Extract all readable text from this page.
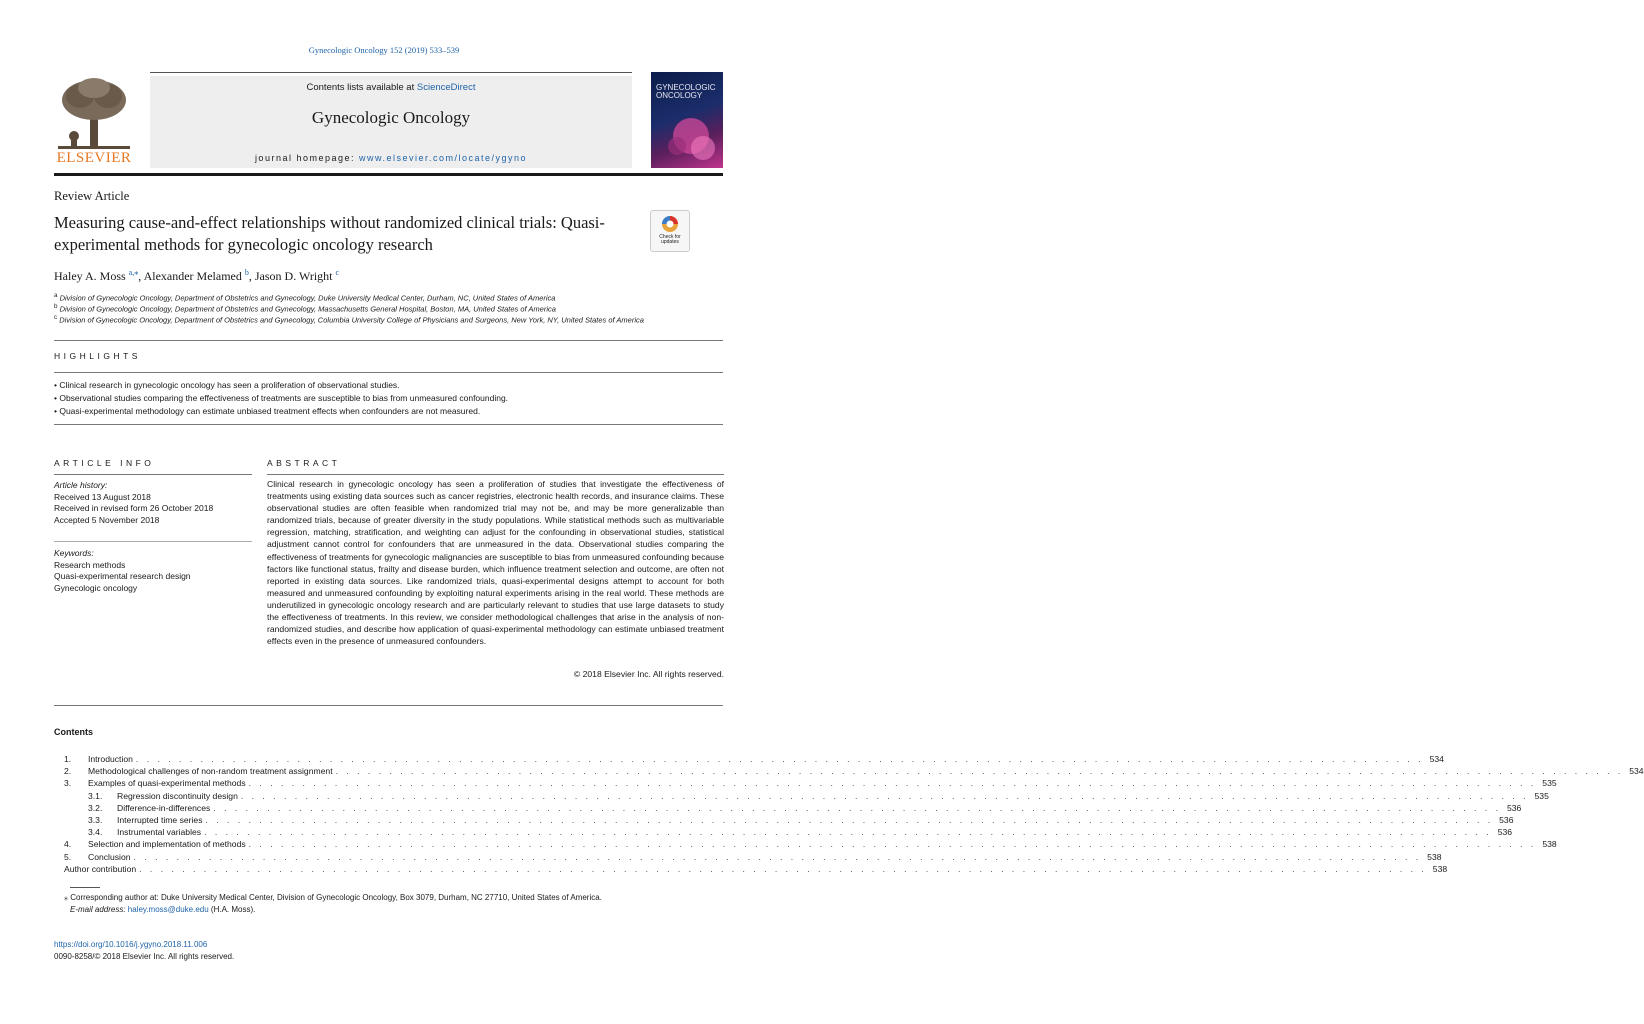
Gynecologic Oncology 152 (2019) 533–539
ELSEVIER
Contents lists available at ScienceDirect
Gynecologic Oncology
journal homepage: www.elsevier.com/locate/ygyno
GYNECOLOGIC ONCOLOGY
Review Article
Measuring cause-and-effect relationships without randomized clinical trials: Quasi-experimental methods for gynecologic oncology research	Check for updates
Haley A. Moss $^{a,⁎}$, Alexander Melamed $^b$, Jason D. Wright $^c$
$^a$ Division of Gynecologic Oncology, Department of Obstetrics and Gynecology, Duke University Medical Center, Durham, NC, United States of America
$^b$ Division of Gynecologic Oncology, Department of Obstetrics and Gynecology, Massachusetts General Hospital, Boston, MA, United States of America
$^c$ Division of Gynecologic Oncology, Department of Obstetrics and Gynecology, Columbia University College of Physicians and Surgeons, New York, NY, United States of America
HIGHLIGHTS
• Clinical research in gynecologic oncology has seen a proliferation of observational studies.
• Observational studies comparing the effectiveness of treatments are susceptible to bias from unmeasured confounding.
• Quasi-experimental methodology can estimate unbiased treatment effects when confounders are not measured.
ARTICLE INFO	ABSTRACT
Article history:
Received 13 August 2018
Received in revised form 26 October 2018
Accepted 5 November 2018
Keywords:
Research methods
Quasi-experimental research design
Gynecologic oncology
Clinical research in gynecologic oncology has seen a proliferation of studies that investigate the effectiveness of treatments using existing data sources such as cancer registries, electronic health records, and insurance claims. These observational studies are often feasible when randomized trial may not be, and may be more generalizable than randomized trials, because of greater diversity in the study populations. While statistical methods such as multivariable regression, matching, stratification, and weighting can adjust for the confounding in observational studies, statistical adjustment cannot control for confounders that are unmeasured in the data. Observational studies comparing the effectiveness of treatments for gynecologic malignancies are susceptible to bias from unmeasured confounding because factors like functional status, frailty and disease burden, which influence treatment selection and outcome, are often not reported in existing data sources. Like randomized trials, quasi-experimental designs attempt to account for both measured and unmeasured confounding by exploiting natural experiments arising in the real world. These methods are underutilized in gynecologic oncology research and are particularly relevant to studies that use large datasets to study the effectiveness of treatments. In this review, we consider methodological challenges that arise in the analysis of non-randomized studies, and describe how application of quasi-experimental methodology can estimate unbiased treatment effects even in the presence of unmeasured confounders.
© 2018 Elsevier Inc. All rights reserved.
Contents
1.	Introduction . . . . . . . . . . . . . . . . . . . . . . . . . . . . . . . . . . . . . . . . . . . . . . . . . . . . . . . . . . . . . . . . . . . . . . . . . . . . . . . . . . . . . . . . . . . . . . . . . . . . . . . . . . . . . . . . . . . . . . . . 534
2.	Methodological challenges of non-random treatment assignment . . . . . . . . . . . . . . . . . . . . . . . . . . . . . . . . . . . . . . . . . . . . . . . . . . . . . . . . . . . . . . . . . . . . . . . . . . . . . . . . . . . . . . . . . . . . . . . . . . . . . . . . . . . . . . . . . . . . . . . . 534
3.	Examples of quasi-experimental methods . . . . . . . . . . . . . . . . . . . . . . . . . . . . . . . . . . . . . . . . . . . . . . . . . . . . . . . . . . . . . . . . . . . . . . . . . . . . . . . . . . . . . . . . . . . . . . . . . . . . . . . . . . . . . . . . . . . . . . . . 535
3.1.	Regression discontinuity design . . . . . . . . . . . . . . . . . . . . . . . . . . . . . . . . . . . . . . . . . . . . . . . . . . . . . . . . . . . . . . . . . . . . . . . . . . . . . . . . . . . . . . . . . . . . . . . . . . . . . . . . . . . . . . . . . . . . . . . . 535
3.2.	Difference-in-differences . . . . . . . . . . . . . . . . . . . . . . . . . . . . . . . . . . . . . . . . . . . . . . . . . . . . . . . . . . . . . . . . . . . . . . . . . . . . . . . . . . . . . . . . . . . . . . . . . . . . . . . . . . . . . . . . . . . . . . . . 536
3.3.	Interrupted time series . . . . . . . . . . . . . . . . . . . . . . . . . . . . . . . . . . . . . . . . . . . . . . . . . . . . . . . . . . . . . . . . . . . . . . . . . . . . . . . . . . . . . . . . . . . . . . . . . . . . . . . . . . . . . . . . . . . . . . . . 536
3.4.	Instrumental variables . . . . . . . . . . . . . . . . . . . . . . . . . . . . . . . . . . . . . . . . . . . . . . . . . . . . . . . . . . . . . . . . . . . . . . . . . . . . . . . . . . . . . . . . . . . . . . . . . . . . . . . . . . . . . . . . . . . . . . . . 536
4.	Selection and implementation of methods . . . . . . . . . . . . . . . . . . . . . . . . . . . . . . . . . . . . . . . . . . . . . . . . . . . . . . . . . . . . . . . . . . . . . . . . . . . . . . . . . . . . . . . . . . . . . . . . . . . . . . . . . . . . . . . . . . . . . . . . 538
5.	Conclusion . . . . . . . . . . . . . . . . . . . . . . . . . . . . . . . . . . . . . . . . . . . . . . . . . . . . . . . . . . . . . . . . . . . . . . . . . . . . . . . . . . . . . . . . . . . . . . . . . . . . . . . . . . . . . . . . . . . . . . . . 538
Author contribution . . . . . . . . . . . . . . . . . . . . . . . . . . . . . . . . . . . . . . . . . . . . . . . . . . . . . . . . . . . . . . . . . . . . . . . . . . . . . . . . . . . . . . . . . . . . . . . . . . . . . . . . . . . . . . . . . . . . . . . . 538
⁎ Corresponding author at: Duke University Medical Center, Division of Gynecologic Oncology, Box 3079, Durham, NC 27710, United States of America.
E-mail address: haley.moss@duke.edu (H.A. Moss).
https://doi.org/10.1016/j.ygyno.2018.11.006
0090-8258/© 2018 Elsevier Inc. All rights reserved.
